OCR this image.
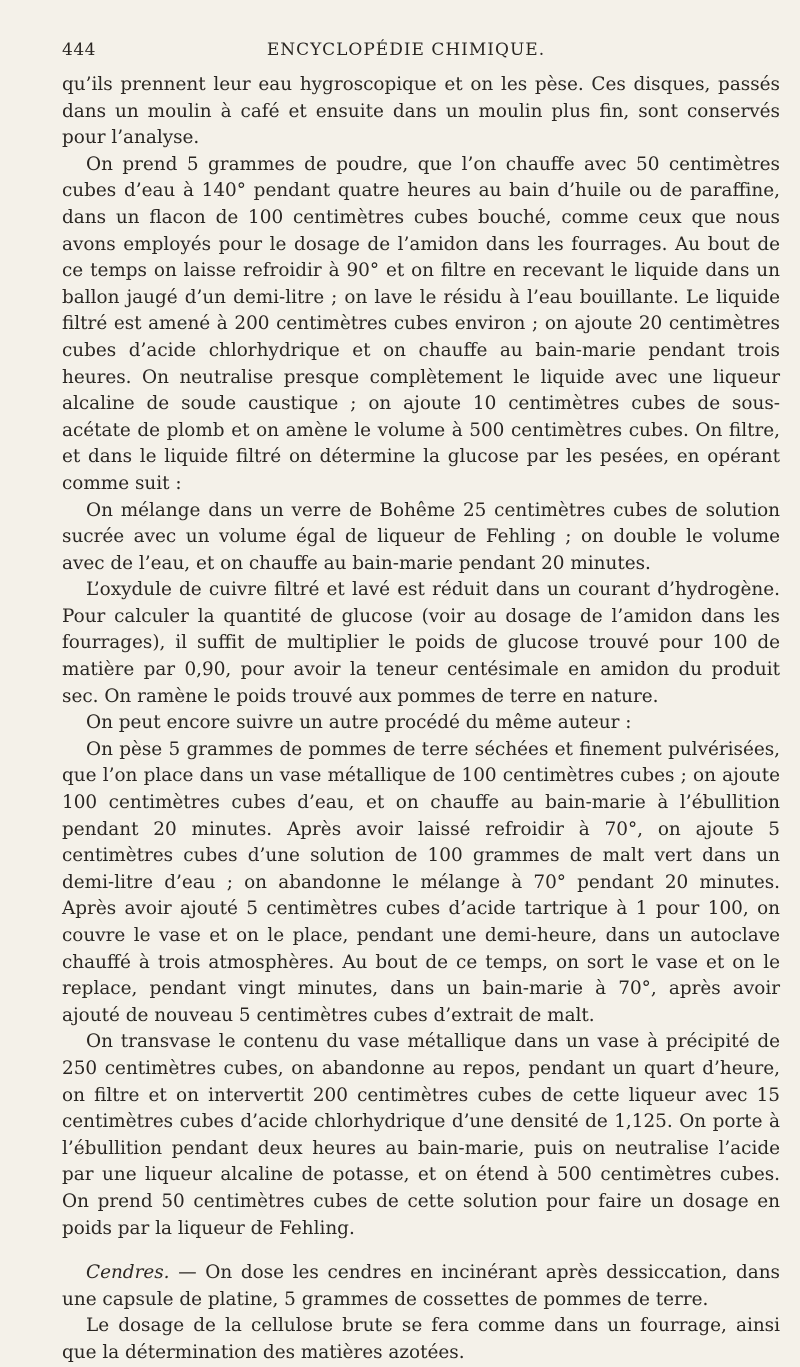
444	ENCYCLOPÉDIE CHIMIQUE.

qu’ils prennent leur eau hygroscopique et on les pèse. Ces disques, passés dans un moulin à café et ensuite dans un moulin plus fin, sont conservés pour l’analyse.

On prend 5 grammes de poudre, que l’on chauffe avec 50 centimètres cubes d’eau à 140° pendant quatre heures au bain d’huile ou de paraffine, dans un flacon de 100 centimètres cubes bouché, comme ceux que nous avons employés pour le dosage de l’amidon dans les fourrages. Au bout de ce temps on laisse refroidir à 90° et on filtre en recevant le liquide dans un ballon jaugé d’un demi-litre ; on lave le résidu à l’eau bouillante. Le liquide filtré est amené à 200 centimètres cubes environ ; on ajoute 20 centimètres cubes d’acide chlorhydrique et on chauffe au bain-marie pendant trois heures. On neutralise presque complètement le liquide avec une liqueur alcaline de soude caustique ; on ajoute 10 centimètres cubes de sous-acétate de plomb et on amène le volume à 500 centimètres cubes. On filtre, et dans le liquide filtré on détermine la glucose par les pesées, en opérant comme suit :

On mélange dans un verre de Bohême 25 centimètres cubes de solution sucrée avec un volume égal de liqueur de Fehling ; on double le volume avec de l’eau, et on chauffe au bain-marie pendant 20 minutes.

L’oxydule de cuivre filtré et lavé est réduit dans un courant d’hydrogène. Pour calculer la quantité de glucose (voir au dosage de l’amidon dans les fourrages), il suffit de multiplier le poids de glucose trouvé pour 100 de matière par 0,90, pour avoir la teneur centésimale en amidon du produit sec. On ramène le poids trouvé aux pommes de terre en nature.

On peut encore suivre un autre procédé du même auteur :

On pèse 5 grammes de pommes de terre séchées et finement pulvérisées, que l’on place dans un vase métallique de 100 centimètres cubes ; on ajoute 100 centimètres cubes d’eau, et on chauffe au bain-marie à l’ébullition pendant 20 minutes. Après avoir laissé refroidir à 70°, on ajoute 5 centimètres cubes d’une solution de 100 grammes de malt vert dans un demi-litre d’eau ; on abandonne le mélange à 70° pendant 20 minutes. Après avoir ajouté 5 centimètres cubes d’acide tartrique à 1 pour 100, on couvre le vase et on le place, pendant une demi-heure, dans un autoclave chauffé à trois atmosphères. Au bout de ce temps, on sort le vase et on le replace, pendant vingt minutes, dans un bain-marie à 70°, après avoir ajouté de nouveau 5 centimètres cubes d’extrait de malt.

On transvase le contenu du vase métallique dans un vase à précipité de 250 centimètres cubes, on abandonne au repos, pendant un quart d’heure, on filtre et on intervertit 200 centimètres cubes de cette liqueur avec 15 centimètres cubes d’acide chlorhydrique d’une densité de 1,125. On porte à l’ébullition pendant deux heures au bain-marie, puis on neutralise l’acide par une liqueur alcaline de potasse, et on étend à 500 centimètres cubes. On prend 50 centimètres cubes de cette solution pour faire un dosage en poids par la liqueur de Fehling.

Cendres. — On dose les cendres en incinérant après dessiccation, dans une capsule de platine, 5 grammes de cossettes de pommes de terre.

Le dosage de la cellulose brute se fera comme dans un fourrage, ainsi que la détermination des matières azotées.
